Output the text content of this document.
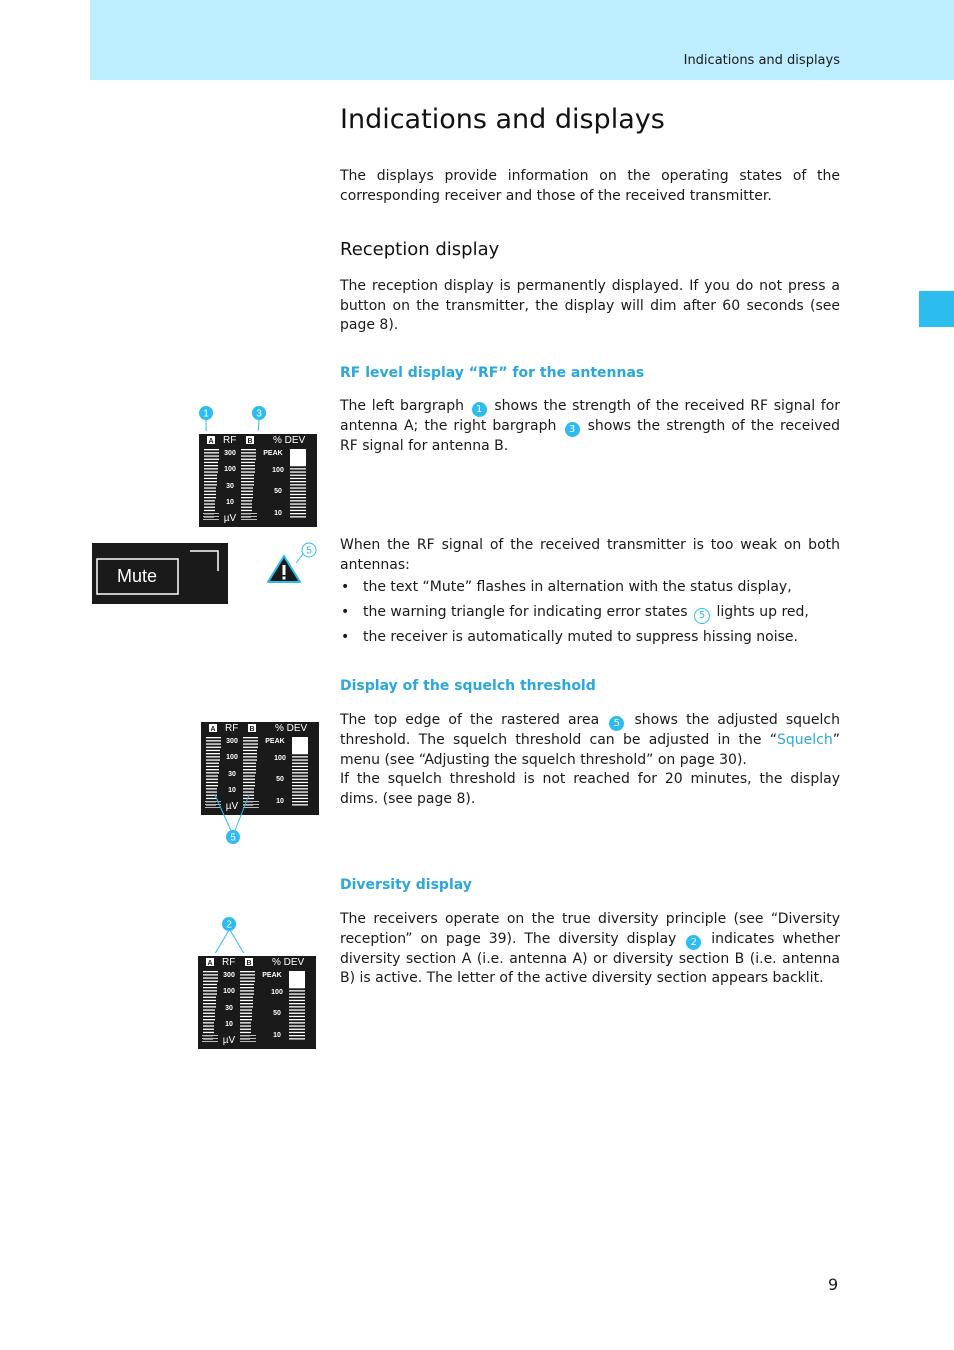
Indications and displays
Indications and displays

The displays provide information on the operating states of the corresponding receiver and those of the received transmitter.

Reception display

The reception display is permanently displayed. If you do not press a button on the transmitter, the display will dim after 60 seconds (see page 8).

RF level display “RF” for the antennas

The left bargraph 1 shows the strength of the received RF signal for antenna A; the right bargraph 3 shows the strength of the received RF signal for antenna B.

When the RF signal of the received transmitter is too weak on both antennas:

• the text “Mute” flashes in alternation with the status display,
• the warning triangle for indicating error states 5 lights up red,
• the receiver is automatically muted to suppress hissing noise.
Display of the squelch threshold

The top edge of the rastered area 5 shows the adjusted squelch threshold. The squelch threshold can be adjusted in the “Squelch” menu (see “Adjusting the squelch threshold” on page 30).
If the squelch threshold is not reached for 20 minutes, the display dims. (see page 8).

Diversity display

The receivers operate on the true diversity principle (see “Diversity reception” on page 39). The diversity display 2 indicates whether diversity section A (i.e. antenna A) or diversity section B (i.e. antenna B) is active. The letter of the active diversity section appears backlit.

1	3
A RF B % DEV
300
100
30
10
PEAK
100
50
10
µV
Mute
5
A RF B % DEV
300
100
30
10
PEAK
100
50
10
µV
5
2
A RF B % DEV
300
100
30
10
PEAK
100
50
10
µV
9
